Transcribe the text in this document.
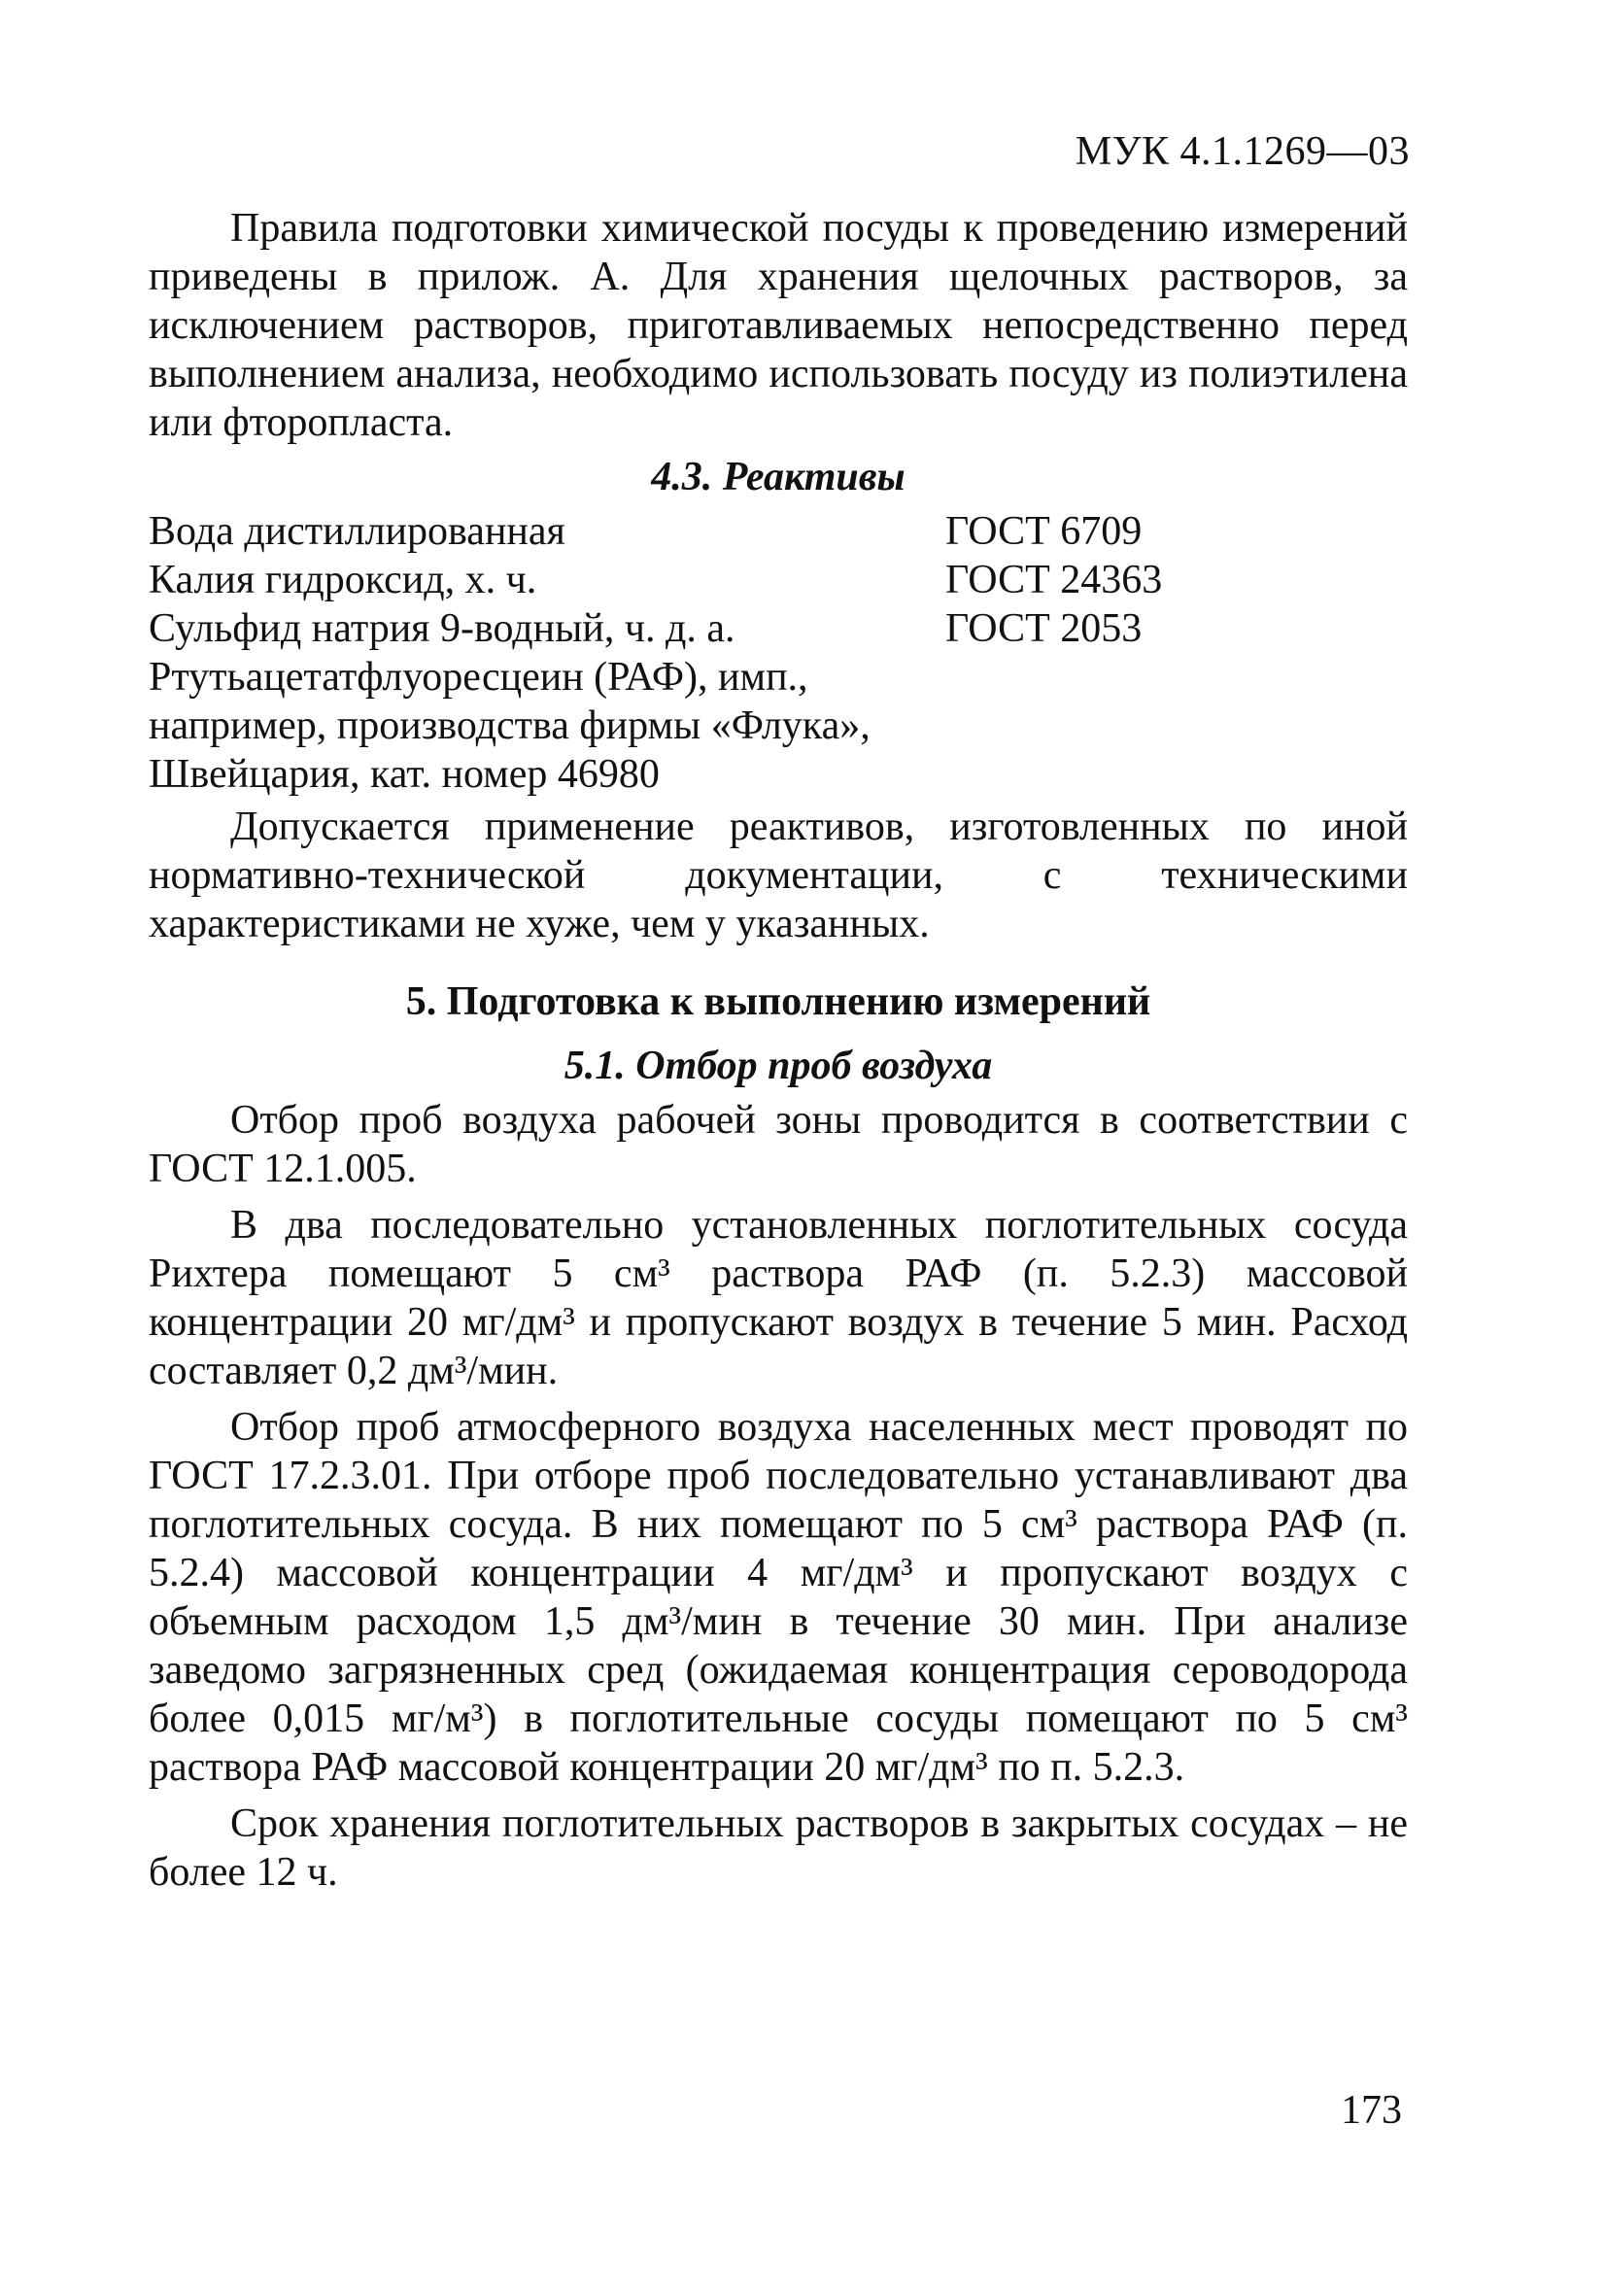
МУК 4.1.1269—03

Правила подготовки химической посуды к проведению измерений приведены в прилож. А. Для хранения щелочных растворов, за исключением растворов, приготавливаемых непосредственно перед выполнением анализа, необходимо использовать посуду из полиэтилена или фторопласта.

4.3. Реактивы
Вода дистиллированная	ГОСТ 6709
Калия гидроксид, х. ч.	ГОСТ 24363
Сульфид натрия 9-водный, ч. д. а.	ГОСТ 2053
Ртутьацетатфлуоресцеин (РАФ), имп.,	
например, производства фирмы «Флука»,	
Швейцария, кат. номер 46980	

Допускается применение реактивов, изготовленных по иной нормативно-технической документации, с техническими характеристиками не хуже, чем у указанных.

5. Подготовка к выполнению измерений
5.1. Отбор проб воздуха

Отбор проб воздуха рабочей зоны проводится в соответствии с ГОСТ 12.1.005.

В два последовательно установленных поглотительных сосуда Рихтера помещают 5 см³ раствора РАФ (п. 5.2.3) массовой концентрации 20 мг/дм³ и пропускают воздух в течение 5 мин. Расход составляет 0,2 дм³/мин.

Отбор проб атмосферного воздуха населенных мест проводят по ГОСТ 17.2.3.01. При отборе проб последовательно устанавливают два поглотительных сосуда. В них помещают по 5 см³ раствора РАФ (п. 5.2.4) массовой концентрации 4 мг/дм³ и пропускают воздух с объемным расходом 1,5 дм³/мин в течение 30 мин. При анализе заведомо загрязненных сред (ожидаемая концентрация сероводорода более 0,015 мг/м³) в поглотительные сосуды помещают по 5 см³ раствора РАФ массовой концентрации 20 мг/дм³ по п. 5.2.3.

Срок хранения поглотительных растворов в закрытых сосудах – не более 12 ч.

173
